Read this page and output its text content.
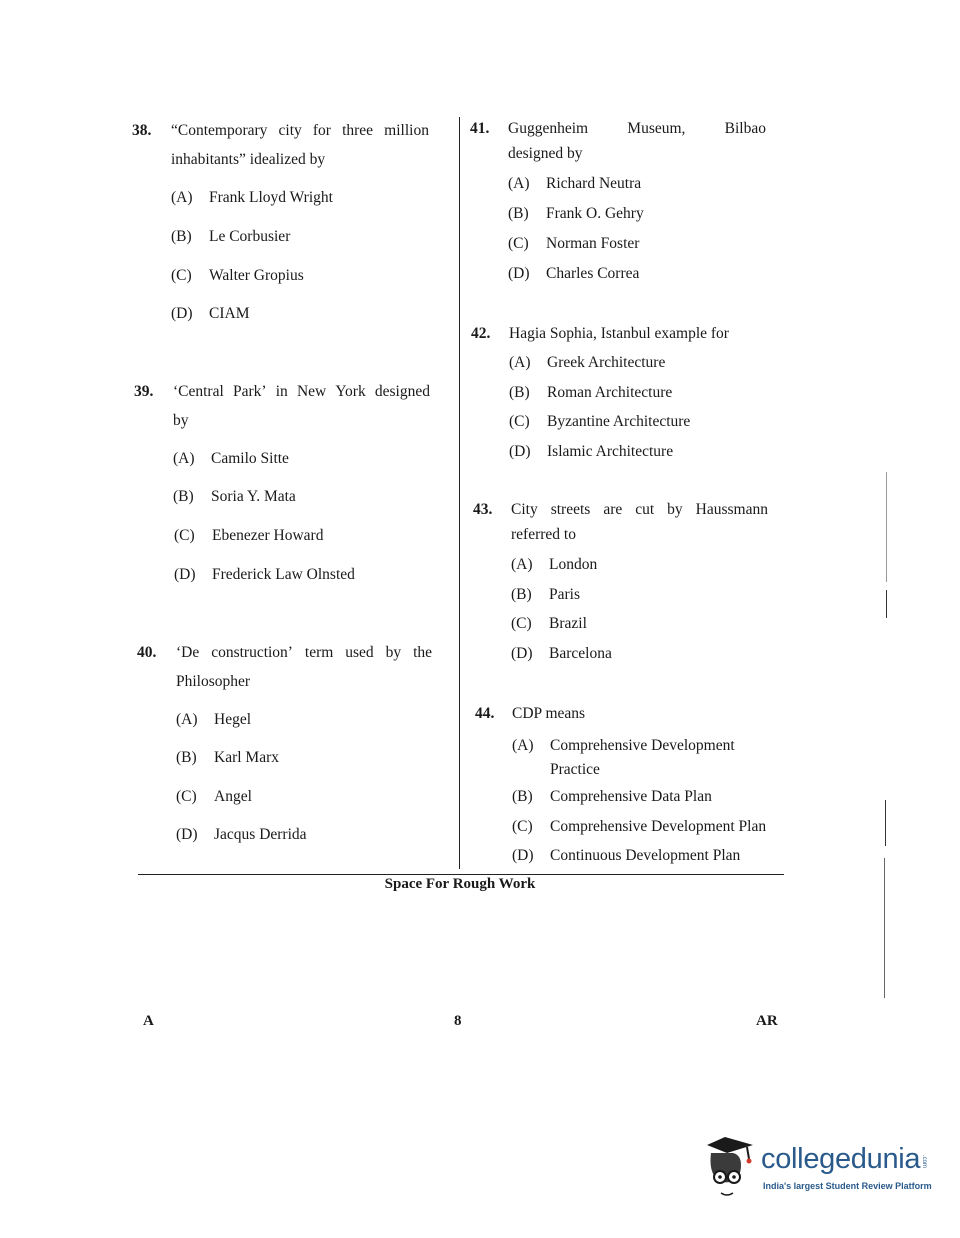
38. “Contemporary city for three million
inhabitants” idealized by
(A) Frank Lloyd Wright
(B) Le Corbusier
(C) Walter Gropius
(D) CIAM
39. ‘Central Park’ in New York designed
by
(A) Camilo Sitte
(B) Soria Y. Mata
(C) Ebenezer Howard
(D) Frederick Law Olnsted
40. ‘De construction’ term used by the
Philosopher
(A) Hegel
(B) Karl Marx
(C) Angel
(D) Jacqus Derrida
41. Guggenheim	Museum,	Bilbao
designed by
(A) Richard Neutra
(B) Frank O. Gehry
(C) Norman Foster
(D) Charles Correa
42. Hagia Sophia, Istanbul example for
(A) Greek Architecture
(B) Roman Architecture
(C) Byzantine Architecture
(D) Islamic Architecture
43. City streets are cut by Haussmann
referred to
(A) London
(B) Paris
(C) Brazil
(D) Barcelona
44. CDP means
(A) Comprehensive Development
Practice
(B) Comprehensive Data Plan
(C) Comprehensive Development Plan
(D) Continuous Development Plan
Space For Rough Work
A	8	AR
collegedunia .com
India's largest Student Review Platform
